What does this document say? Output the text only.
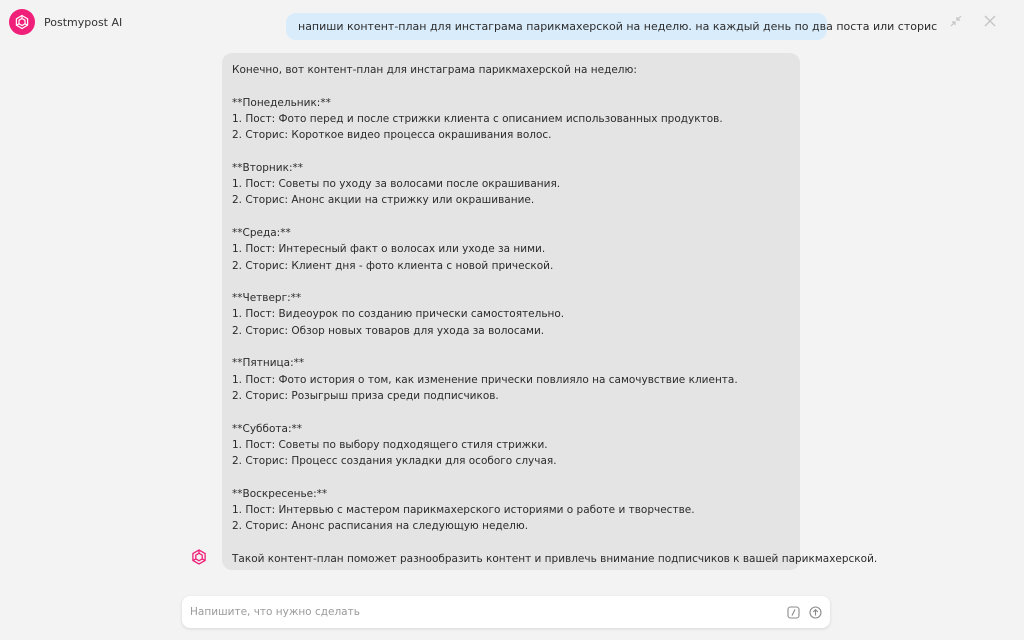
Postmypost AI	напиши контент-план для инстаграма парикмахерской на неделю. на каждый день по два поста или сторис

Конечно, вот контент-план для инстаграма парикмахерской на неделю:

**Понедельник:**

1. Пост: Фото перед и после стрижки клиента с описанием использованных продуктов.

2. Сторис: Короткое видео процесса окрашивания волос.

**Вторник:**

1. Пост: Советы по уходу за волосами после окрашивания.

2. Сторис: Анонс акции на стрижку или окрашивание.

**Среда:**

1. Пост: Интересный факт о волосах или уходе за ними.

2. Сторис: Клиент дня - фото клиента с новой прической.

**Четверг:**

1. Пост: Видеоурок по созданию прически самостоятельно.

2. Сторис: Обзор новых товаров для ухода за волосами.

**Пятница:**

1. Пост: Фото история о том, как изменение прически повлияло на самочувствие клиента.

2. Сторис: Розыгрыш приза среди подписчиков.

**Суббота:**

1. Пост: Советы по выбору подходящего стиля стрижки.

2. Сторис: Процесс создания укладки для особого случая.

**Воскресенье:**

1. Пост: Интервью с мастером парикмахерского историями о работе и творчестве.

2. Сторис: Анонс расписания на следующую неделю.

Такой контент-план поможет разнообразить контент и привлечь внимание подписчиков к вашей парикмахерской.

Напишите, что нужно сделать
